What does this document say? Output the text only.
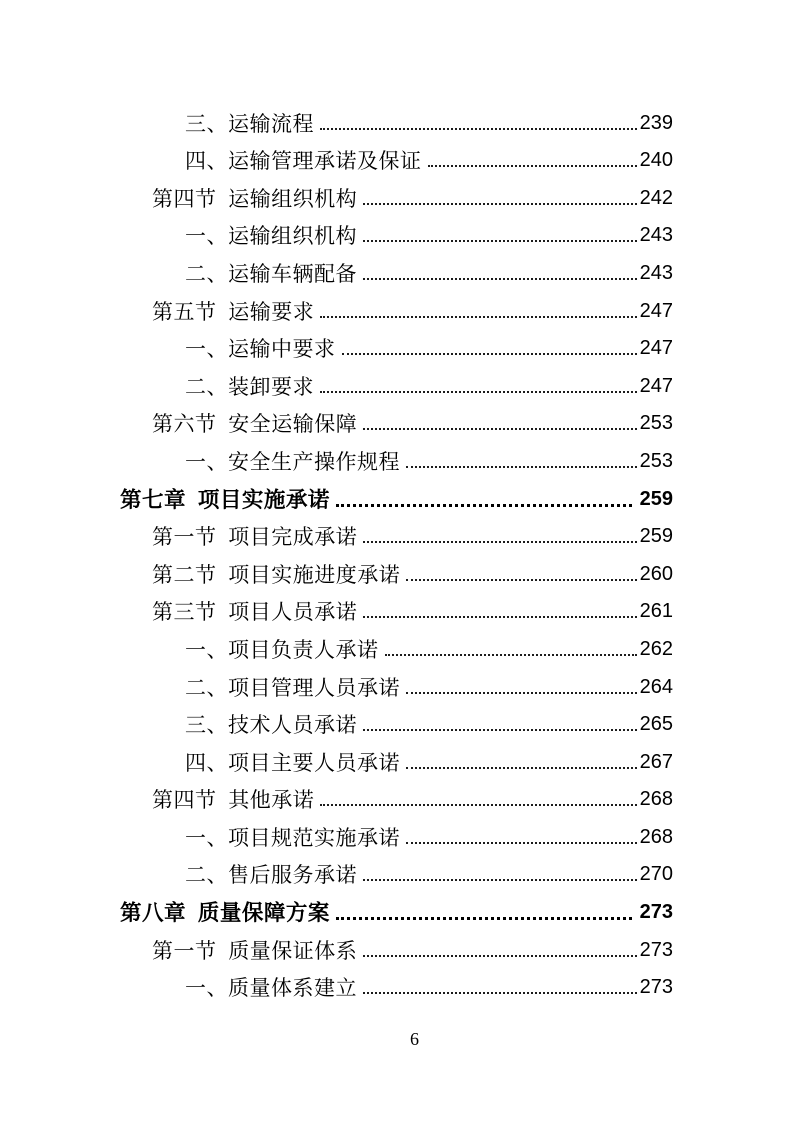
三、运输流程	239
四、运输管理承诺及保证	240
第四节 运输组织机构	242
一、运输组织机构	243
二、运输车辆配备	243
第五节 运输要求	247
一、运输中要求	247
二、装卸要求	247
第六节 安全运输保障	253
一、安全生产操作规程	253
第七章 项目实施承诺	259
第一节 项目完成承诺	259
第二节 项目实施进度承诺	260
第三节 项目人员承诺	261
一、项目负责人承诺	262
二、项目管理人员承诺	264
三、技术人员承诺	265
四、项目主要人员承诺	267
第四节 其他承诺	268
一、项目规范实施承诺	268
二、售后服务承诺	270
第八章 质量保障方案	273
第一节 质量保证体系	273
一、质量体系建立	273
6
